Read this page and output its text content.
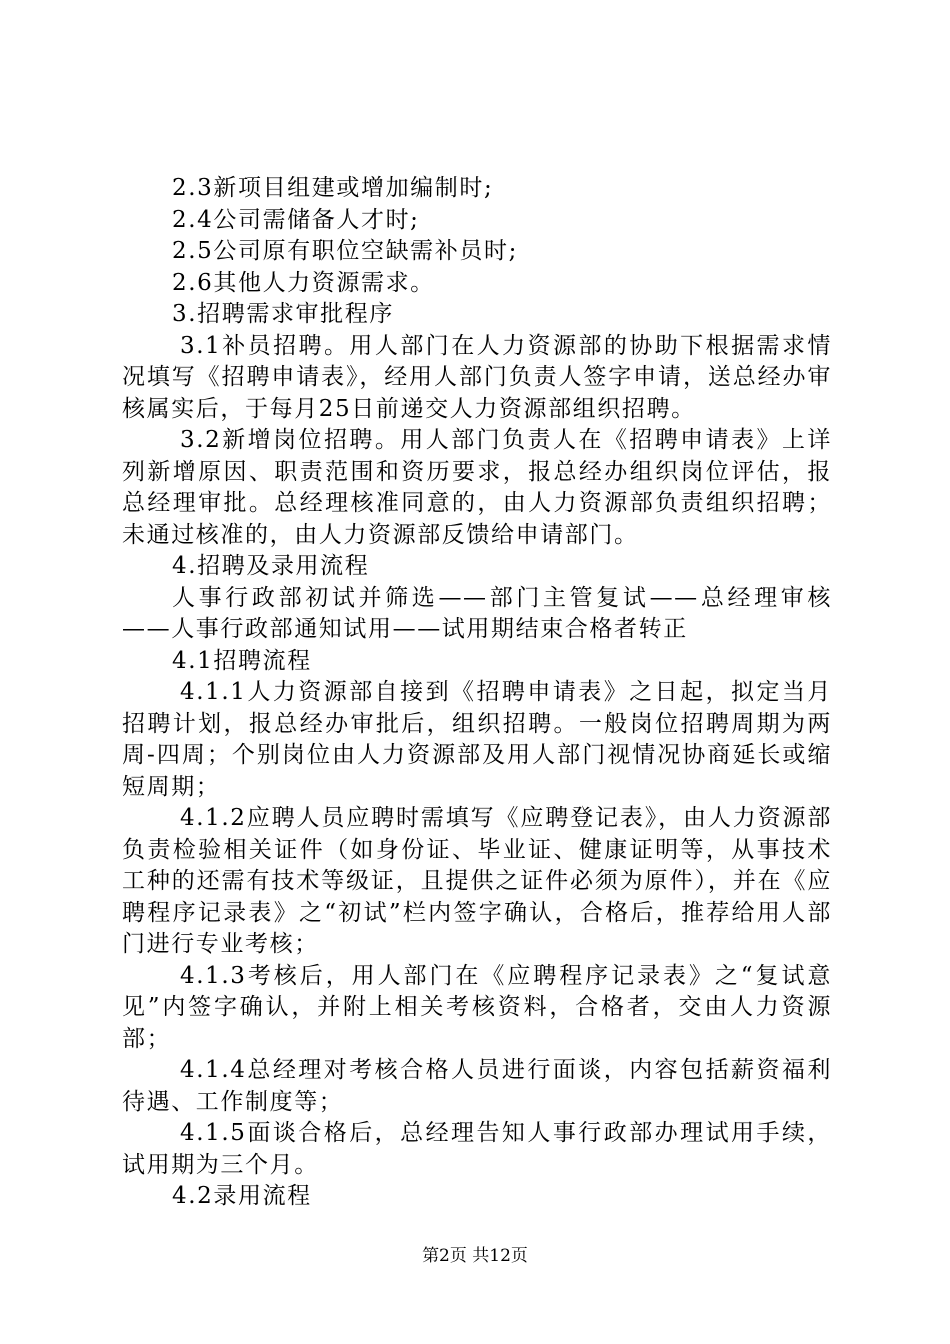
2.3新项目组建或增加编制时;

2.4公司需储备人才时;

2.5公司原有职位空缺需补员时;

2.6其他人力资源需求。

3.招聘需求审批程序

3.1补员招聘。用人部门在人力资源部的协助下根据需求情况填写《招聘申请表》，经用人部门负责人签字申请，送总经办审核属实后，于每月25日前递交人力资源部组织招聘。

3.2新增岗位招聘。用人部门负责人在《招聘申请表》上详列新增原因、职责范围和资历要求，报总经办组织岗位评估，报总经理审批。总经理核准同意的，由人力资源部负责组织招聘；未通过核准的，由人力资源部反馈给申请部门。

4.招聘及录用流程

人事行政部初试并筛选——部门主管复试——总经理审核——人事行政部通知试用——试用期结束合格者转正

4.1招聘流程

4.1.1人力资源部自接到《招聘申请表》之日起，拟定当月招聘计划，报总经办审批后，组织招聘。一般岗位招聘周期为两周-四周；个别岗位由人力资源部及用人部门视情况协商延长或缩短周期；

4.1.2应聘人员应聘时需填写《应聘登记表》，由人力资源部负责检验相关证件（如身份证、毕业证、健康证明等，从事技术工种的还需有技术等级证，且提供之证件必须为原件），并在《应聘程序记录表》之“初试”栏内签字确认，合格后，推荐给用人部门进行专业考核；

4.1.3考核后，用人部门在《应聘程序记录表》之“复试意见”内签字确认，并附上相关考核资料，合格者，交由人力资源部；

4.1.4总经理对考核合格人员进行面谈，内容包括薪资福利待遇、工作制度等；

4.1.5面谈合格后，总经理告知人事行政部办理试用手续，试用期为三个月。

4.2录用流程

第2页 共12页
